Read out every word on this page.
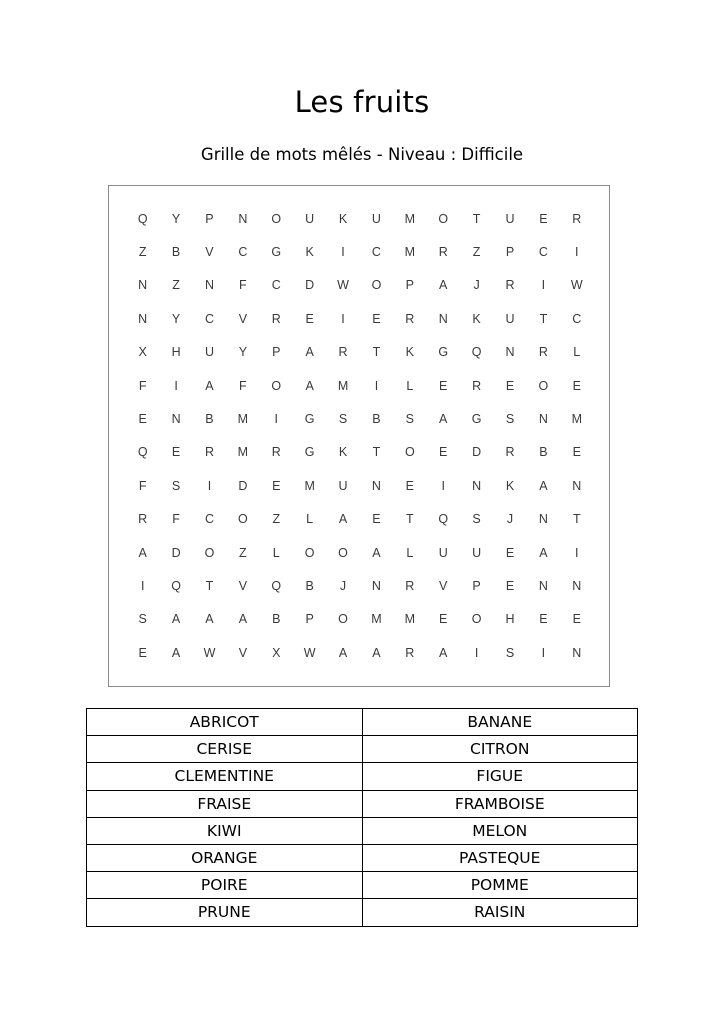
Les fruits
Grille de mots mêlés - Niveau : Difficile
Q	Y	P	N	O	U	K	U	M	O	T	U	E	R
Z	B	V	C	G	K	I	C	M	R	Z	P	C	I
N	Z	N	F	C	D	W	O	P	A	J	R	I	W
N	Y	C	V	R	E	I	E	R	N	K	U	T	C
X	H	U	Y	P	A	R	T	K	G	Q	N	R	L
F	I	A	F	O	A	M	I	L	E	R	E	O	E
E	N	B	M	I	G	S	B	S	A	G	S	N	M
Q	E	R	M	R	G	K	T	O	E	D	R	B	E
F	S	I	D	E	M	U	N	E	I	N	K	A	N
R	F	C	O	Z	L	A	E	T	Q	S	J	N	T
A	D	O	Z	L	O	O	A	L	U	U	E	A	I
I	Q	T	V	Q	B	J	N	R	V	P	E	N	N
S	A	A	A	B	P	O	M	M	E	O	H	E	E
E	A	W	V	X	W	A	A	R	A	I	S	I	N
ABRICOT	BANANE
CERISE	CITRON
CLEMENTINE	FIGUE
FRAISE	FRAMBOISE
KIWI	MELON
ORANGE	PASTEQUE
POIRE	POMME
PRUNE	RAISIN
